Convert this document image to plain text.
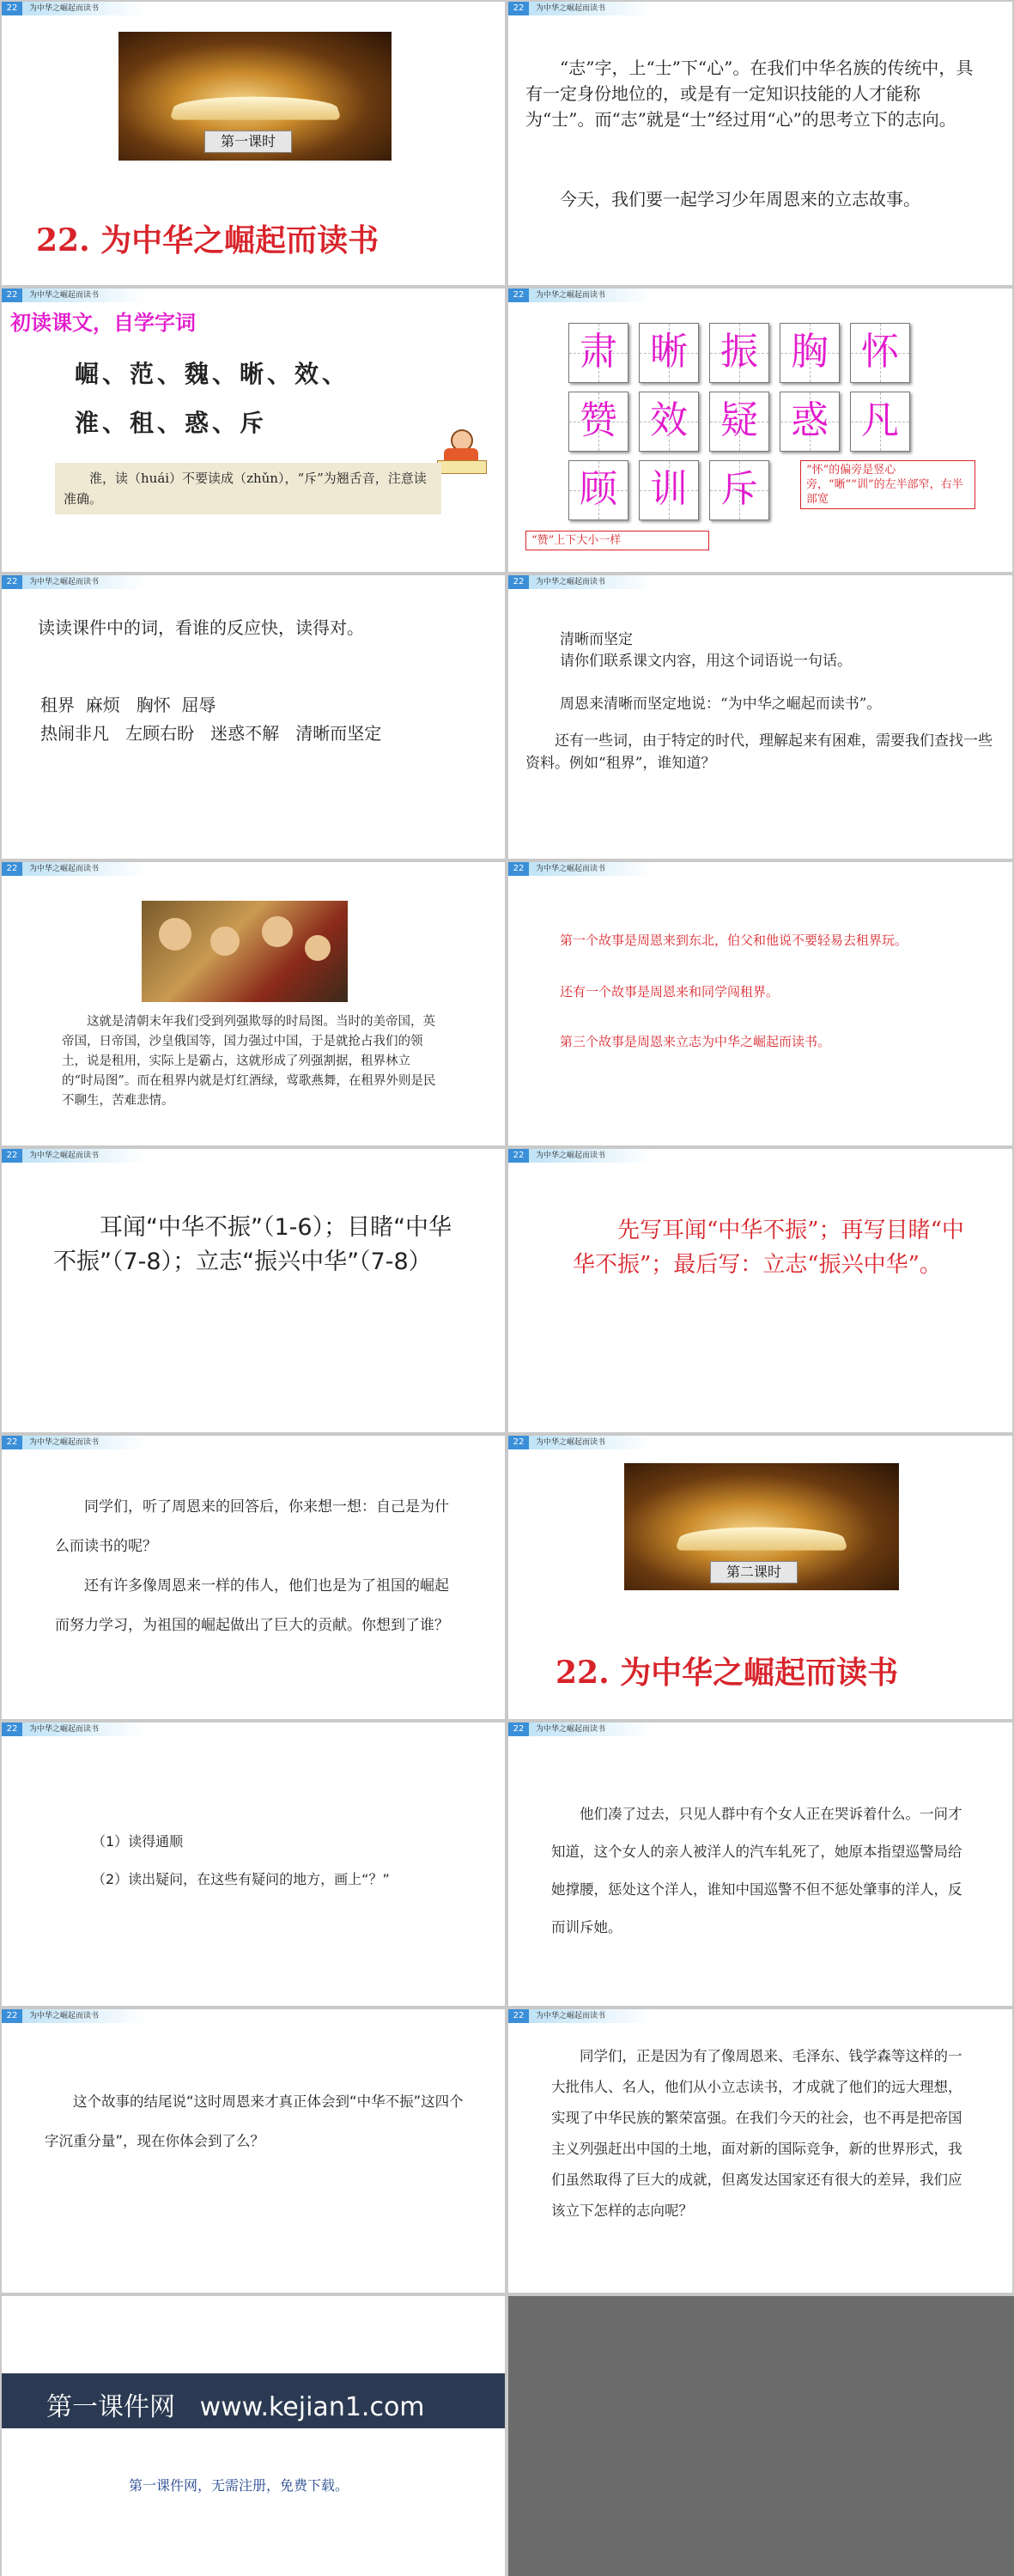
22	为中华之崛起而读书
第一课时
22. 为中华之崛起而读书
22	为中华之崛起而读书
“志”字，上“士”下“心”。在我们中华名族的传统中，具有一定身份地位的，或是有一定知识技能的人才能称为“士”。而“志”就是“士”经过用“心”的思考立下的志向。
今天，我们要一起学习少年周恩来的立志故事。
22	为中华之崛起而读书
初读课文，自学字词
崛、范、魏、晰、效、
淮、租、惑、斥
淮，读（huái）不要读成（zhǔn），“斥”为翘舌音，注意读准确。
22	为中华之崛起而读书
肃 晰 振 胸 怀
赞 效 疑 惑 凡
顾 训 斥	“怀”的偏旁是竖心旁，“晰”“训”的左半部窄，右半部宽
“赞”上下大小一样
22	为中华之崛起而读书
读读课件中的词，看谁的反应快，读得对。
租界  麻烦   胸怀  屈辱
热闹非凡   左顾右盼   迷惑不解   清晰而坚定
22	为中华之崛起而读书
清晰而坚定
请你们联系课文内容，用这个词语说一句话。
周恩来清晰而坚定地说：“为中华之崛起而读书”。
还有一些词，由于特定的时代，理解起来有困难，需要我们查找一些资料。例如“租界”，谁知道？
22	为中华之崛起而读书
这就是清朝末年我们受到列强欺辱的时局图。当时的美帝国，英帝国，日帝国，沙皇俄国等，国力强过中国，于是就抢占我们的领土，说是租用，实际上是霸占，这就形成了列强割据，租界林立的“时局图”。而在租界内就是灯红酒绿，莺歌燕舞，在租界外则是民不聊生，苦难悲情。
22	为中华之崛起而读书
第一个故事是周恩来到东北，伯父和他说不要轻易去租界玩。
还有一个故事是周恩来和同学闯租界。
第三个故事是周恩来立志为中华之崛起而读书。
22	为中华之崛起而读书
耳闻“中华不振”（1-6）；目睹“中华不振”（7-8）；立志“振兴中华”（7-8）
22	为中华之崛起而读书
先写耳闻“中华不振”；再写目睹“中华不振”；最后写：立志“振兴中华”。
22	为中华之崛起而读书
同学们，听了周恩来的回答后，你来想一想：自己是为什么而读书的呢？
还有许多像周恩来一样的伟人，他们也是为了祖国的崛起而努力学习，为祖国的崛起做出了巨大的贡献。你想到了谁？
22	为中华之崛起而读书
第二课时
22. 为中华之崛起而读书
22	为中华之崛起而读书
（1）读得通顺
（2）读出疑问，在这些有疑问的地方，画上“？”
22	为中华之崛起而读书
他们凑了过去，只见人群中有个女人正在哭诉着什么。一问才知道，这个女人的亲人被洋人的汽车轧死了，她原本指望巡警局给她撑腰，惩处这个洋人，谁知中国巡警不但不惩处肇事的洋人，反而训斥她。
22	为中华之崛起而读书
这个故事的结尾说“这时周恩来才真正体会到“中华不振”这四个字沉重分量”，现在你体会到了么？
22	为中华之崛起而读书
同学们，正是因为有了像周恩来、毛泽东、钱学森等这样的一大批伟人、名人，他们从小立志读书，才成就了他们的远大理想，实现了中华民族的繁荣富强。在我们今天的社会，也不再是把帝国主义列强赶出中国的土地，面对新的国际竞争，新的世界形式，我们虽然取得了巨大的成就，但离发达国家还有很大的差异，我们应该立下怎样的志向呢？
第一课件网   www.kejian1.com
第一课件网，无需注册，免费下载。
